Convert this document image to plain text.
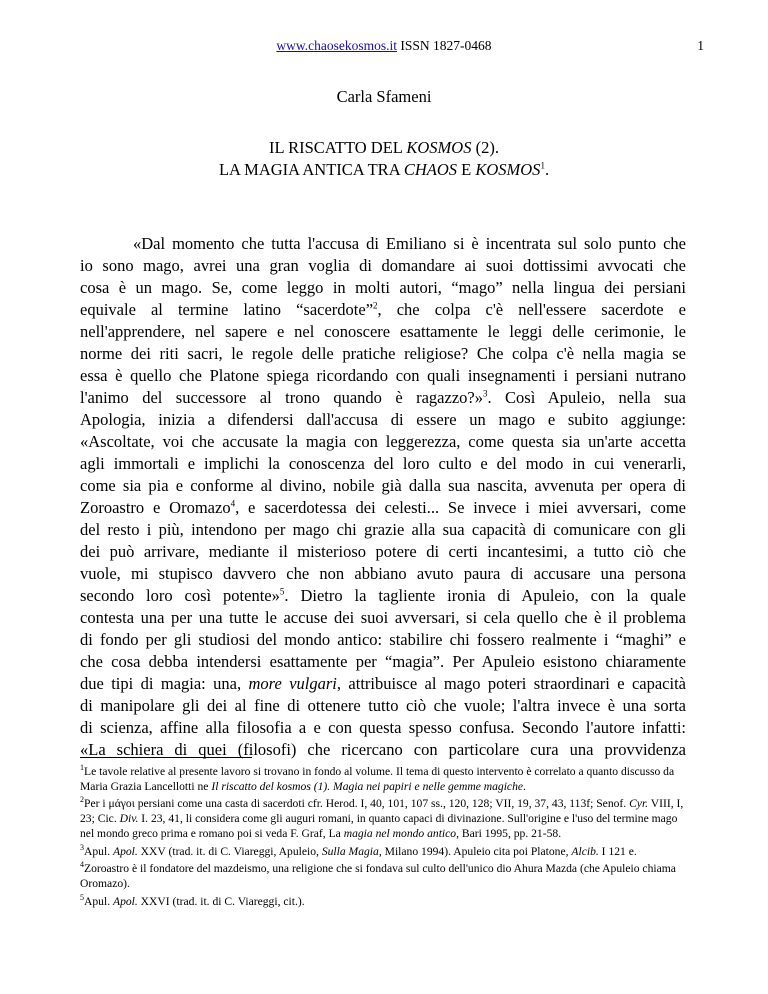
www.chaosekosmos.it ISSN 1827-0468	1
Carla Sfameni
IL RISCATTO DEL KOSMOS (2).
LA MAGIA ANTICA TRA CHAOS E KOSMOS$^1$.
«Dal momento che tutta l'accusa di Emiliano si è incentrata sul solo punto che
io sono mago, avrei una gran voglia di domandare ai suoi dottissimi avvocati che
cosa è un mago. Se, come leggo in molti autori, “mago” nella lingua dei persiani
equivale al termine latino “sacerdote”$^2$, che colpa c'è nell'essere sacerdote e
nell'apprendere, nel sapere e nel conoscere esattamente le leggi delle cerimonie, le
norme dei riti sacri, le regole delle pratiche religiose? Che colpa c'è nella magia se
essa è quello che Platone spiega ricordando con quali insegnamenti i persiani nutrano
l'animo del successore al trono quando è ragazzo?»$^3$. Così Apuleio, nella sua
Apologia, inizia a difendersi dall'accusa di essere un mago e subito aggiunge:
«Ascoltate, voi che accusate la magia con leggerezza, come questa sia un'arte accetta
agli immortali e implichi la conoscenza del loro culto e del modo in cui venerarli,
come sia pia e conforme al divino, nobile già dalla sua nascita, avvenuta per opera di
Zoroastro e Oromazo$^4$, e sacerdotessa dei celesti... Se invece i miei avversari, come
del resto i più, intendono per mago chi grazie alla sua capacità di comunicare con gli
dei può arrivare, mediante il misterioso potere di certi incantesimi, a tutto ciò che
vuole, mi stupisco davvero che non abbiano avuto paura di accusare una persona
secondo loro così potente»$^5$. Dietro la tagliente ironia di Apuleio, con la quale
contesta una per una tutte le accuse dei suoi avversari, si cela quello che è il problema
di fondo per gli studiosi del mondo antico: stabilire chi fossero realmente i “maghi” e
che cosa debba intendersi esattamente per “magia”. Per Apuleio esistono chiaramente
due tipi di magia: una, more vulgari, attribuisce al mago poteri straordinari e capacità
di manipolare gli dei al fine di ottenere tutto ciò che vuole; l'altra invece è una sorta
di scienza, affine alla filosofia a e con questa spesso confusa. Secondo l'autore infatti:
«La schiera di quei (filosofi) che ricercano con particolare cura una provvidenza
$^1$Le tavole relative al presente lavoro si trovano in fondo al volume. Il tema di questo intervento è correlato a quanto discusso da Maria Grazia Lancellotti ne Il riscatto del kosmos (1). Magia nei papiri e nelle gemme magiche.
$^2$Per i μάγοι persiani come una casta di sacerdoti cfr. Herod. I, 40, 101, 107 ss., 120, 128; VII, 19, 37, 43, 113f; Senof. Cyr. VIII, I, 23; Cic. Div. I. 23, 41, li considera come gli auguri romani, in quanto capaci di divinazione. Sull'origine e l'uso del termine mago nel mondo greco prima e romano poi si veda F. Graf, La magia nel mondo antico, Bari 1995, pp. 21-58.
$^3$Apul. Apol. XXV (trad. it. di C. Viareggi, Apuleio, Sulla Magia, Milano 1994). Apuleio cita poi Platone, Alcib. I 121 e.
$^4$Zoroastro è il fondatore del mazdeismo, una religione che si fondava sul culto dell'unico dio Ahura Mazda (che Apuleio chiama Oromazo).
$^5$Apul. Apol. XXVI (trad. it. di C. Viareggi, cit.).
